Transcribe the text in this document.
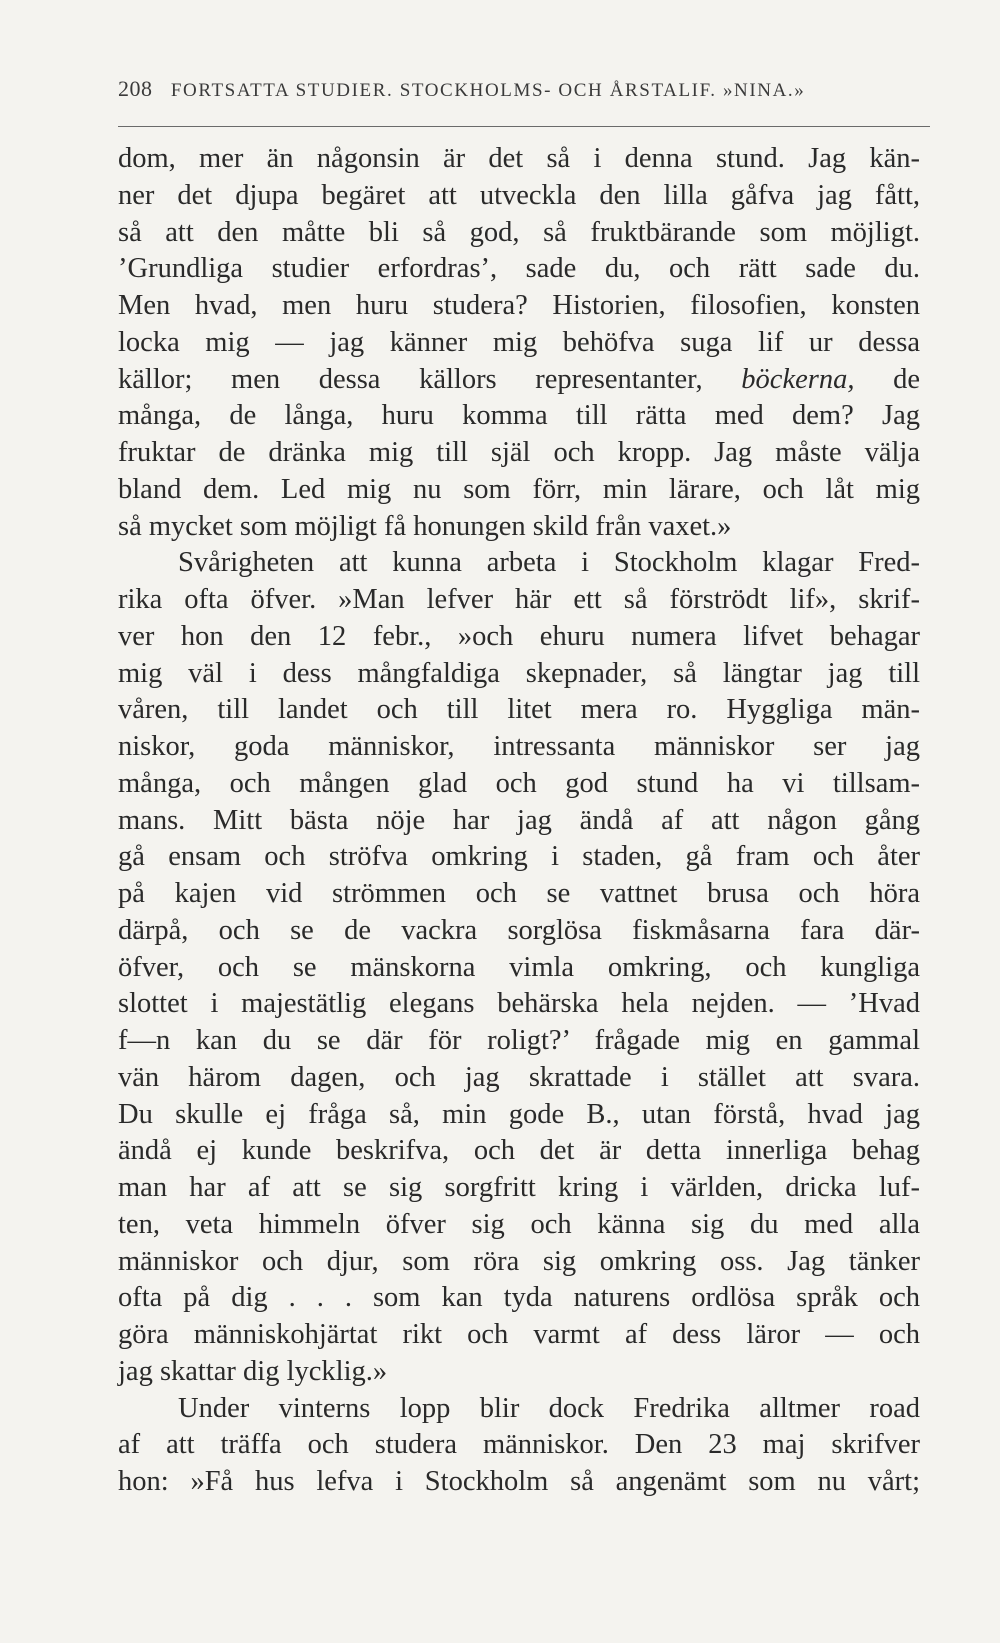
208 FORTSATTA STUDIER. STOCKHOLMS- OCH ÅRSTALIF. »NINA.»
dom, mer än någonsin är det så i denna stund. Jag kän-
ner det djupa begäret att utveckla den lilla gåfva jag fått,
så att den måtte bli så god, så fruktbärande som möjligt.
’Grundliga studier erfordras’, sade du, och rätt sade du.
Men hvad, men huru studera? Historien, filosofien, konsten
locka mig — jag känner mig behöfva suga lif ur dessa
källor; men dessa källors representanter, böckerna, de
många, de långa, huru komma till rätta med dem? Jag
fruktar de dränka mig till själ och kropp. Jag måste välja
bland dem. Led mig nu som förr, min lärare, och låt mig
så mycket som möjligt få honungen skild från vaxet.»
Svårigheten att kunna arbeta i Stockholm klagar Fred-
rika ofta öfver. »Man lefver här ett så förströdt lif», skrif-
ver hon den 12 febr., »och ehuru numera lifvet behagar
mig väl i dess mångfaldiga skepnader, så längtar jag till
våren, till landet och till litet mera ro. Hyggliga män-
niskor, goda människor, intressanta människor ser jag
många, och mången glad och god stund ha vi tillsam-
mans. Mitt bästa nöje har jag ändå af att någon gång
gå ensam och ströfva omkring i staden, gå fram och åter
på kajen vid strömmen och se vattnet brusa och höra
därpå, och se de vackra sorglösa fiskmåsarna fara där-
öfver, och se mänskorna vimla omkring, och kungliga
slottet i majestätlig elegans behärska hela nejden. — ’Hvad
f—n kan du se där för roligt?’ frågade mig en gammal
vän härom dagen, och jag skrattade i stället att svara.
Du skulle ej fråga så, min gode B., utan förstå, hvad jag
ändå ej kunde beskrifva, och det är detta innerliga behag
man har af att se sig sorgfritt kring i världen, dricka luf-
ten, veta himmeln öfver sig och känna sig du med alla
människor och djur, som röra sig omkring oss. Jag tänker
ofta på dig . . . som kan tyda naturens ordlösa språk och
göra människohjärtat rikt och varmt af dess läror — och
jag skattar dig lycklig.»
Under vinterns lopp blir dock Fredrika alltmer road
af att träffa och studera människor. Den 23 maj skrifver
hon: »Få hus lefva i Stockholm så angenämt som nu vårt;
